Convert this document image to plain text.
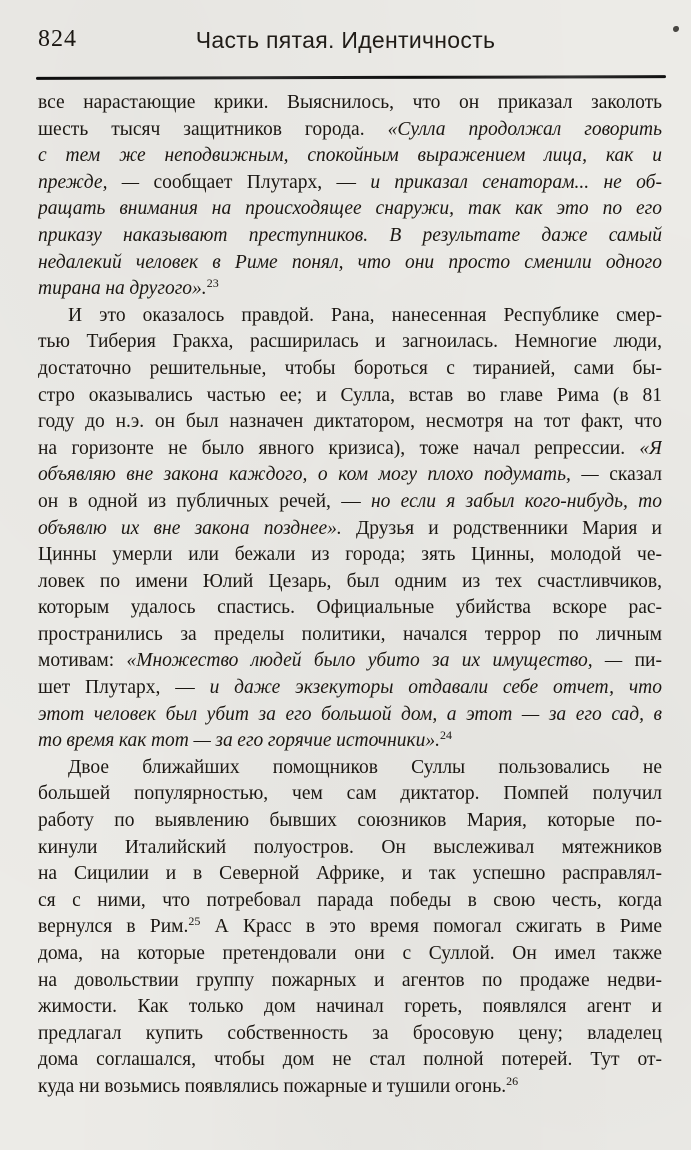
824	Часть пятая. Идентичность
все нарастающие крики. Выяснилось, что он приказал заколоть
шесть тысяч защитников города. «Сулла продолжал говорить
с тем же неподвижным, спокойным выражением лица, как и
прежде, — сообщает Плутарх, — и приказал сенаторам... не об-
ращать внимания на происходящее снаружи, так как это по его
приказу наказывают преступников. В результате даже самый
недалекий человек в Риме понял, что они просто сменили одного
тирана на другого».$^{23}$
И это оказалось правдой. Рана, нанесенная Республике смер-
тью Тиберия Гракха, расширилась и загноилась. Немногие люди,
достаточно решительные, чтобы бороться с тиранией, сами бы-
стро оказывались частью ее; и Сулла, встав во главе Рима (в 81
году до н.э. он был назначен диктатором, несмотря на тот факт, что
на горизонте не было явного кризиса), тоже начал репрессии. «Я
объявляю вне закона каждого, о ком могу плохо подумать, — сказал
он в одной из публичных речей, — но если я забыл кого-нибудь, то
объявлю их вне закона позднее». Друзья и родственники Мария и
Цинны умерли или бежали из города; зять Цинны, молодой че-
ловек по имени Юлий Цезарь, был одним из тех счастливчиков,
которым удалось спастись. Официальные убийства вскоре рас-
пространились за пределы политики, начался террор по личным
мотивам: «Множество людей было убито за их имущество, — пи-
шет Плутарх, — и даже экзекуторы отдавали себе отчет, что
этот человек был убит за его большой дом, а этот — за его сад, в
то время как тот — за его горячие источники».$^{24}$
Двое ближайших помощников Суллы пользовались не
большей популярностью, чем сам диктатор. Помпей получил
работу по выявлению бывших союзников Мария, которые по-
кинули Италийский полуостров. Он выслеживал мятежников
на Сицилии и в Северной Африке, и так успешно расправлял-
ся с ними, что потребовал парада победы в свою честь, когда
вернулся в Рим.$^{25}$ А Красс в это время помогал сжигать в Риме
дома, на которые претендовали они с Суллой. Он имел также
на довольствии группу пожарных и агентов по продаже недви-
жимости. Как только дом начинал гореть, появлялся агент и
предлагал купить собственность за бросовую цену; владелец
дома соглашался, чтобы дом не стал полной потерей. Тут от-
куда ни возьмись появлялись пожарные и тушили огонь.$^{26}$
